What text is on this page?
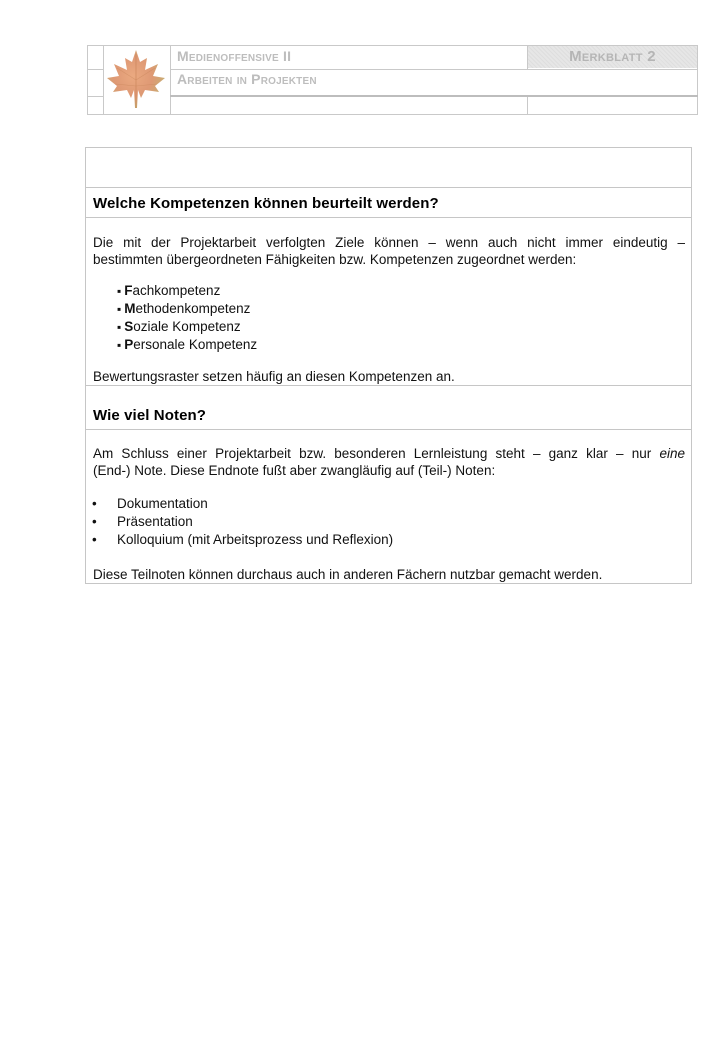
Medienoffensive II
Arbeiten in Projekten
Merkblatt 2
Welche Kompetenzen können beurteilt werden?
Die mit der Projektarbeit verfolgten Ziele können – wenn auch nicht immer eindeutig –
bestimmten übergeordneten Fähigkeiten bzw. Kompetenzen zugeordnet werden:
▪ Fachkompetenz
▪ Methodenkompetenz
▪ Soziale Kompetenz
▪ Personale Kompetenz
Bewertungsraster setzen häufig an diesen Kompetenzen an.
Wie viel Noten?
Am Schluss einer Projektarbeit bzw. besonderen Lernleistung steht – ganz klar – nur eine
(End-) Note. Diese Endnote fußt aber zwangläufig auf (Teil-) Noten:
• Dokumentation
• Präsentation
• Kolloquium (mit Arbeitsprozess und Reflexion)
Diese Teilnoten können durchaus auch in anderen Fächern nutzbar gemacht werden.
